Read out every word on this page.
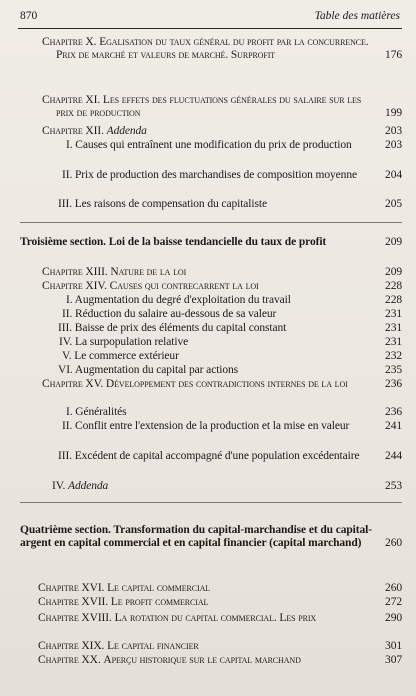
870	Table des matières
Chapitre X. Egalisation du taux général du profit par la concurrence. Prix de marché et valeurs de marché. Surprofit	176
Chapitre XI. Les effets des fluctuations générales du salaire sur les prix de production	199
Chapitre XII. Addenda	203
I. Causes qui entraînent une modification du prix de production	203
II. Prix de production des marchandises de composition moyenne	204
III. Les raisons de compensation du capitaliste	205
Troisième section. Loi de la baisse tendancielle du taux de profit	209
Chapitre XIII. Nature de la loi	209
Chapitre XIV. Causes qui contrecarrent la loi	228
I. Augmentation du degré d'exploitation du travail	228
II. Réduction du salaire au-dessous de sa valeur	231
III. Baisse de prix des éléments du capital constant	231
IV. La surpopulation relative	231
V. Le commerce extérieur	232
VI. Augmentation du capital par actions	235
Chapitre XV. Développement des contradictions internes de la loi	236
I. Généralités	236
II. Conflit entre l'extension de la production et la mise en valeur	241
III. Excédent de capital accompagné d'une population excédentaire	244
IV. Addenda	253
Quatrième section. Transformation du capital-marchandise et du capital-argent en capital commercial et en capital financier (capital marchand)	260
Chapitre XVI. Le capital commercial	260
Chapitre XVII. Le profit commercial	272
Chapitre XVIII. La rotation du capital commercial. Les prix	290
Chapitre XIX. Le capital financier	301
Chapitre XX. Aperçu historique sur le capital marchand	307
